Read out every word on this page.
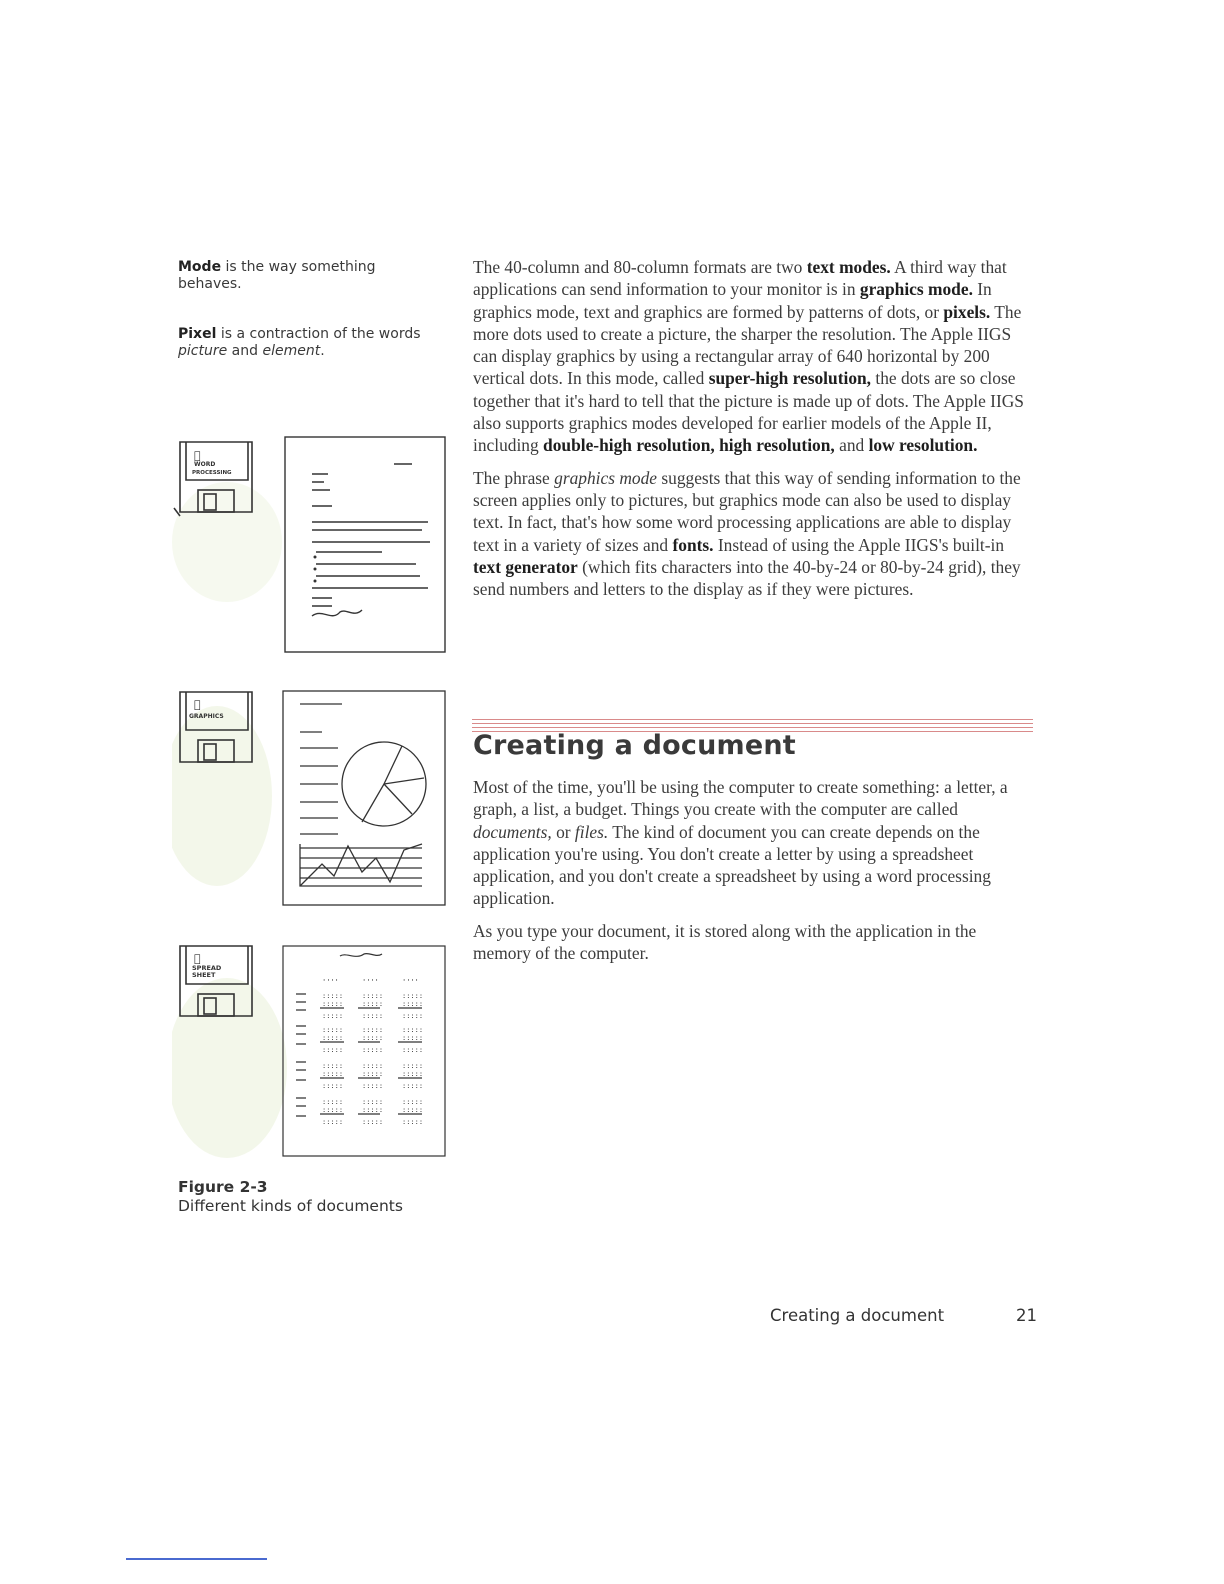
Mode is the way something behaves.
Pixel is a contraction of the words picture and element.
WORD
PROCESSING
GRAPHICS
SPREAD
SHEET
''''	''''	''''
:::::	:::::	:::::
:::::	:::::	:::::
:::::	:::::	:::::
:::::	:::::	:::::
:::::	:::::	:::::
:::::	:::::	:::::
:::::	:::::	:::::
:::::	:::::	:::::
:::::	:::::	:::::
:::::	:::::	:::::
:::::	:::::	:::::
:::::	:::::	:::::
Figure 2-3
Different kinds of documents

The 40-column and 80-column formats are two text modes. A third way that applications can send information to your monitor is in graphics mode. In graphics mode, text and graphics are formed by patterns of dots, or pixels. The more dots used to create a picture, the sharper the resolution. The Apple IIGS can display graphics by using a rectangular array of 640 horizontal by 200 vertical dots. In this mode, called super-high resolution, the dots are so close together that it's hard to tell that the picture is made up of dots. The Apple IIGS also supports graphics modes developed for earlier models of the Apple II, including double-high resolution, high resolution, and low resolution.

The phrase graphics mode suggests that this way of sending information to the screen applies only to pictures, but graphics mode can also be used to display text. In fact, that's how some word processing applications are able to display text in a variety of sizes and fonts. Instead of using the Apple IIGS's built-in text generator (which fits characters into the 40-by-24 or 80-by-24 grid), they send numbers and letters to the display as if they were pictures.

Creating a document

Most of the time, you'll be using the computer to create something: a letter, a graph, a list, a budget. Things you create with the computer are called documents, or files. The kind of document you can create depends on the application you're using. You don't create a letter by using a spreadsheet application, and you don't create a spreadsheet by using a word processing application.

As you type your document, it is stored along with the application in the memory of the computer.

Creating a document	21
